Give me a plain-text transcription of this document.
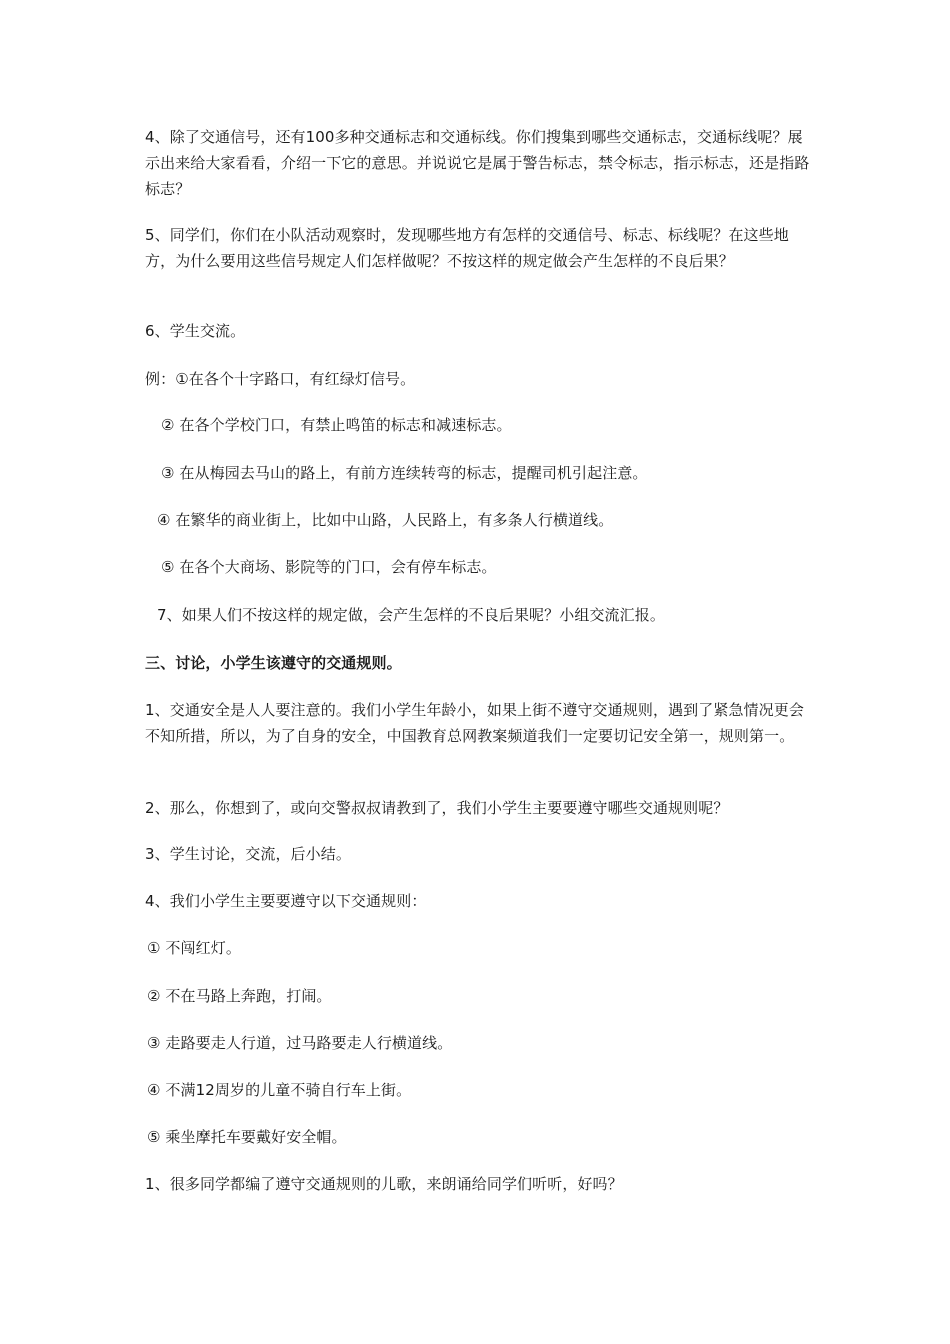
4、除了交通信号，还有100多种交通标志和交通标线。你们搜集到哪些交通标志，交通标线呢？展示出来给大家看看，介绍一下它的意思。并说说它是属于警告标志，禁令标志，指示标志，还是指路标志？

5、同学们，你们在小队活动观察时，发现哪些地方有怎样的交通信号、标志、标线呢？在这些地方，为什么要用这些信号规定人们怎样做呢？不按这样的规定做会产生怎样的不良后果？

6、学生交流。

例：①在各个十字路口，有红绿灯信号。

② 在各个学校门口，有禁止鸣笛的标志和减速标志。

③ 在从梅园去马山的路上，有前方连续转弯的标志，提醒司机引起注意。

④ 在繁华的商业街上，比如中山路，人民路上，有多条人行横道线。

⑤ 在各个大商场、影院等的门口，会有停车标志。

7、如果人们不按这样的规定做，会产生怎样的不良后果呢？小组交流汇报。

三、讨论，小学生该遵守的交通规则。

1、交通安全是人人要注意的。我们小学生年龄小，如果上街不遵守交通规则，遇到了紧急情况更会不知所措，所以，为了自身的安全，中国教育总网教案频道我们一定要切记安全第一，规则第一。

2、那么，你想到了，或向交警叔叔请教到了，我们小学生主要要遵守哪些交通规则呢？

3、学生讨论，交流，后小结。

4、我们小学生主要要遵守以下交通规则：

① 不闯红灯。

② 不在马路上奔跑，打闹。

③ 走路要走人行道，过马路要走人行横道线。

④ 不满12周岁的儿童不骑自行车上街。

⑤ 乘坐摩托车要戴好安全帽。

1、很多同学都编了遵守交通规则的儿歌，来朗诵给同学们听听，好吗？
